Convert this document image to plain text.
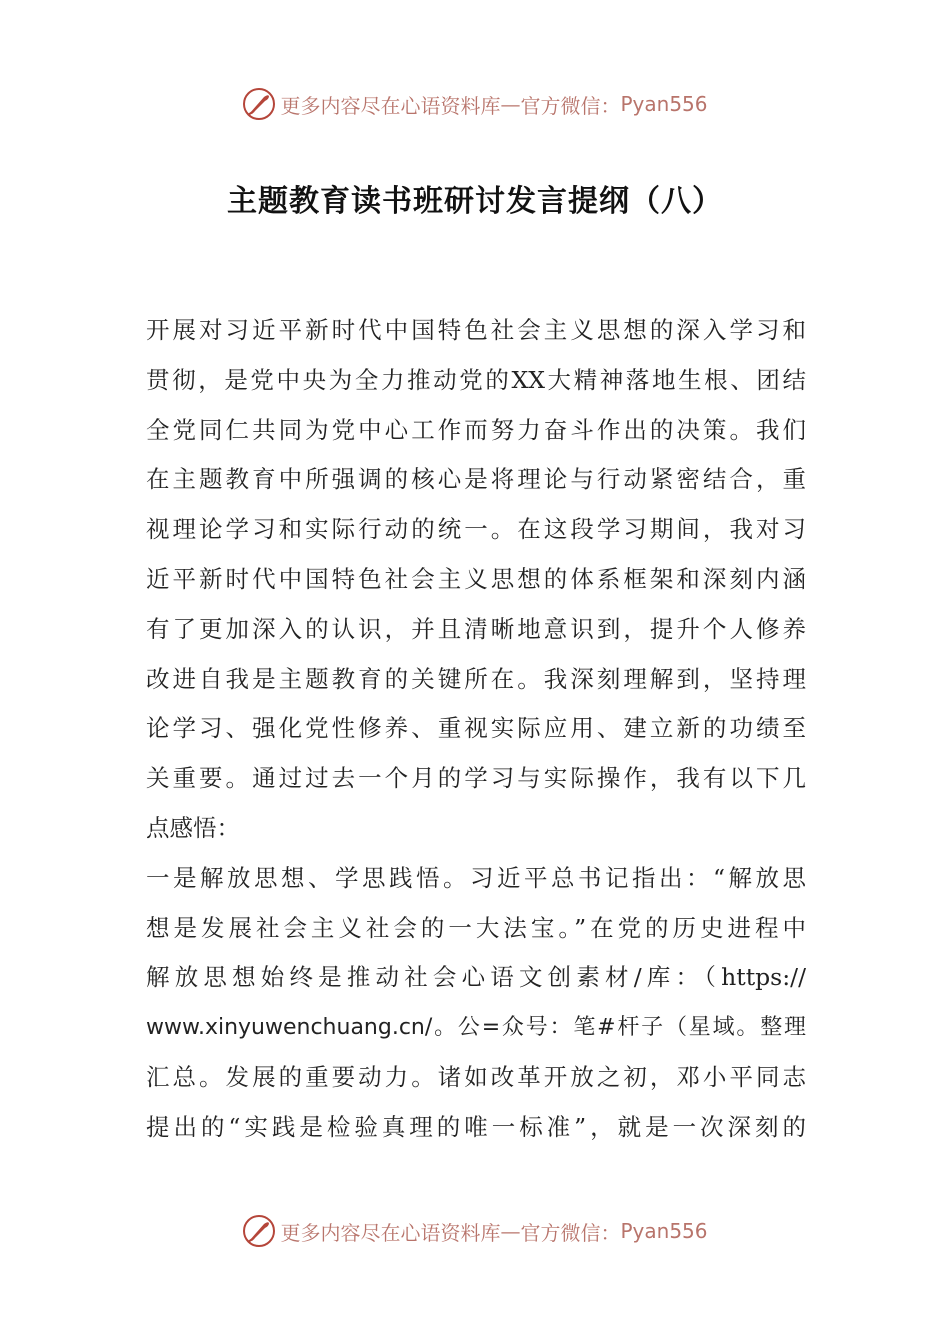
更多内容尽在心语资料库 — 官方微信： Pyan556
主题教育读书班研讨发言提纲（八）
开展对习近平新时代中国特色社会主义思想的深入学习和
贯彻，是党中央为全力推动党的XX大精神落地生根、团结
全党同仁共同为党中心工作而努力奋斗作出的决策。我们
在主题教育中所强调的核心是将理论与行动紧密结合，重
视理论学习和实际行动的统一。在这段学习期间，我对习
近平新时代中国特色社会主义思想的体系框架和深刻内涵
有了更加深入的认识，并且清晰地意识到，提升个人修养
改进自我是主题教育的关键所在。我深刻理解到，坚持理
论学习、强化党性修养、重视实际应用、建立新的功绩至
关重要。通过过去一个月的学习与实际操作，我有以下几
点感悟：
一是解放思想、学思践悟。习近平总书记指出：“解放思
想是发展社会主义社会的一大法宝。”在党的历史进程中
解放思想始终是推动社会心语文创素材/库：（https://
www.xinyuwenchuang.cn/。公=众号：笔#杆子（星域。整理
汇总。发展的重要动力。诸如改革开放之初，邓小平同志
提出的“实践是检验真理的唯一标准”，就是一次深刻的
更多内容尽在心语资料库 — 官方微信： Pyan556
